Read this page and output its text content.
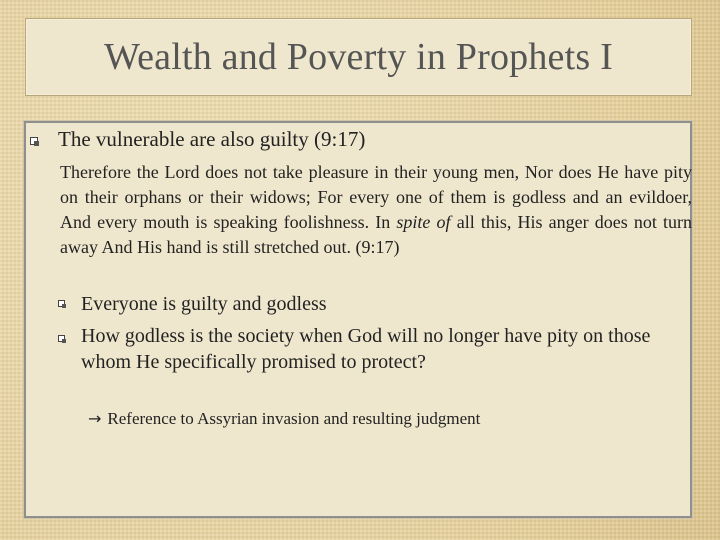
Wealth and Poverty in Prophets I
The vulnerable are also guilty (9:17)
Therefore the Lord does not take pleasure in their young men, Nor does He have pity on their orphans or their widows; For every one of them is godless and an evildoer, And every mouth is speaking foolishness. In spite of all this, His anger does not turn away And His hand is still stretched out. (9:17)
Everyone is guilty and godless
How godless is the society when God will no longer have pity on those whom He specifically promised to protect?
→ Reference to Assyrian invasion and resulting judgment
